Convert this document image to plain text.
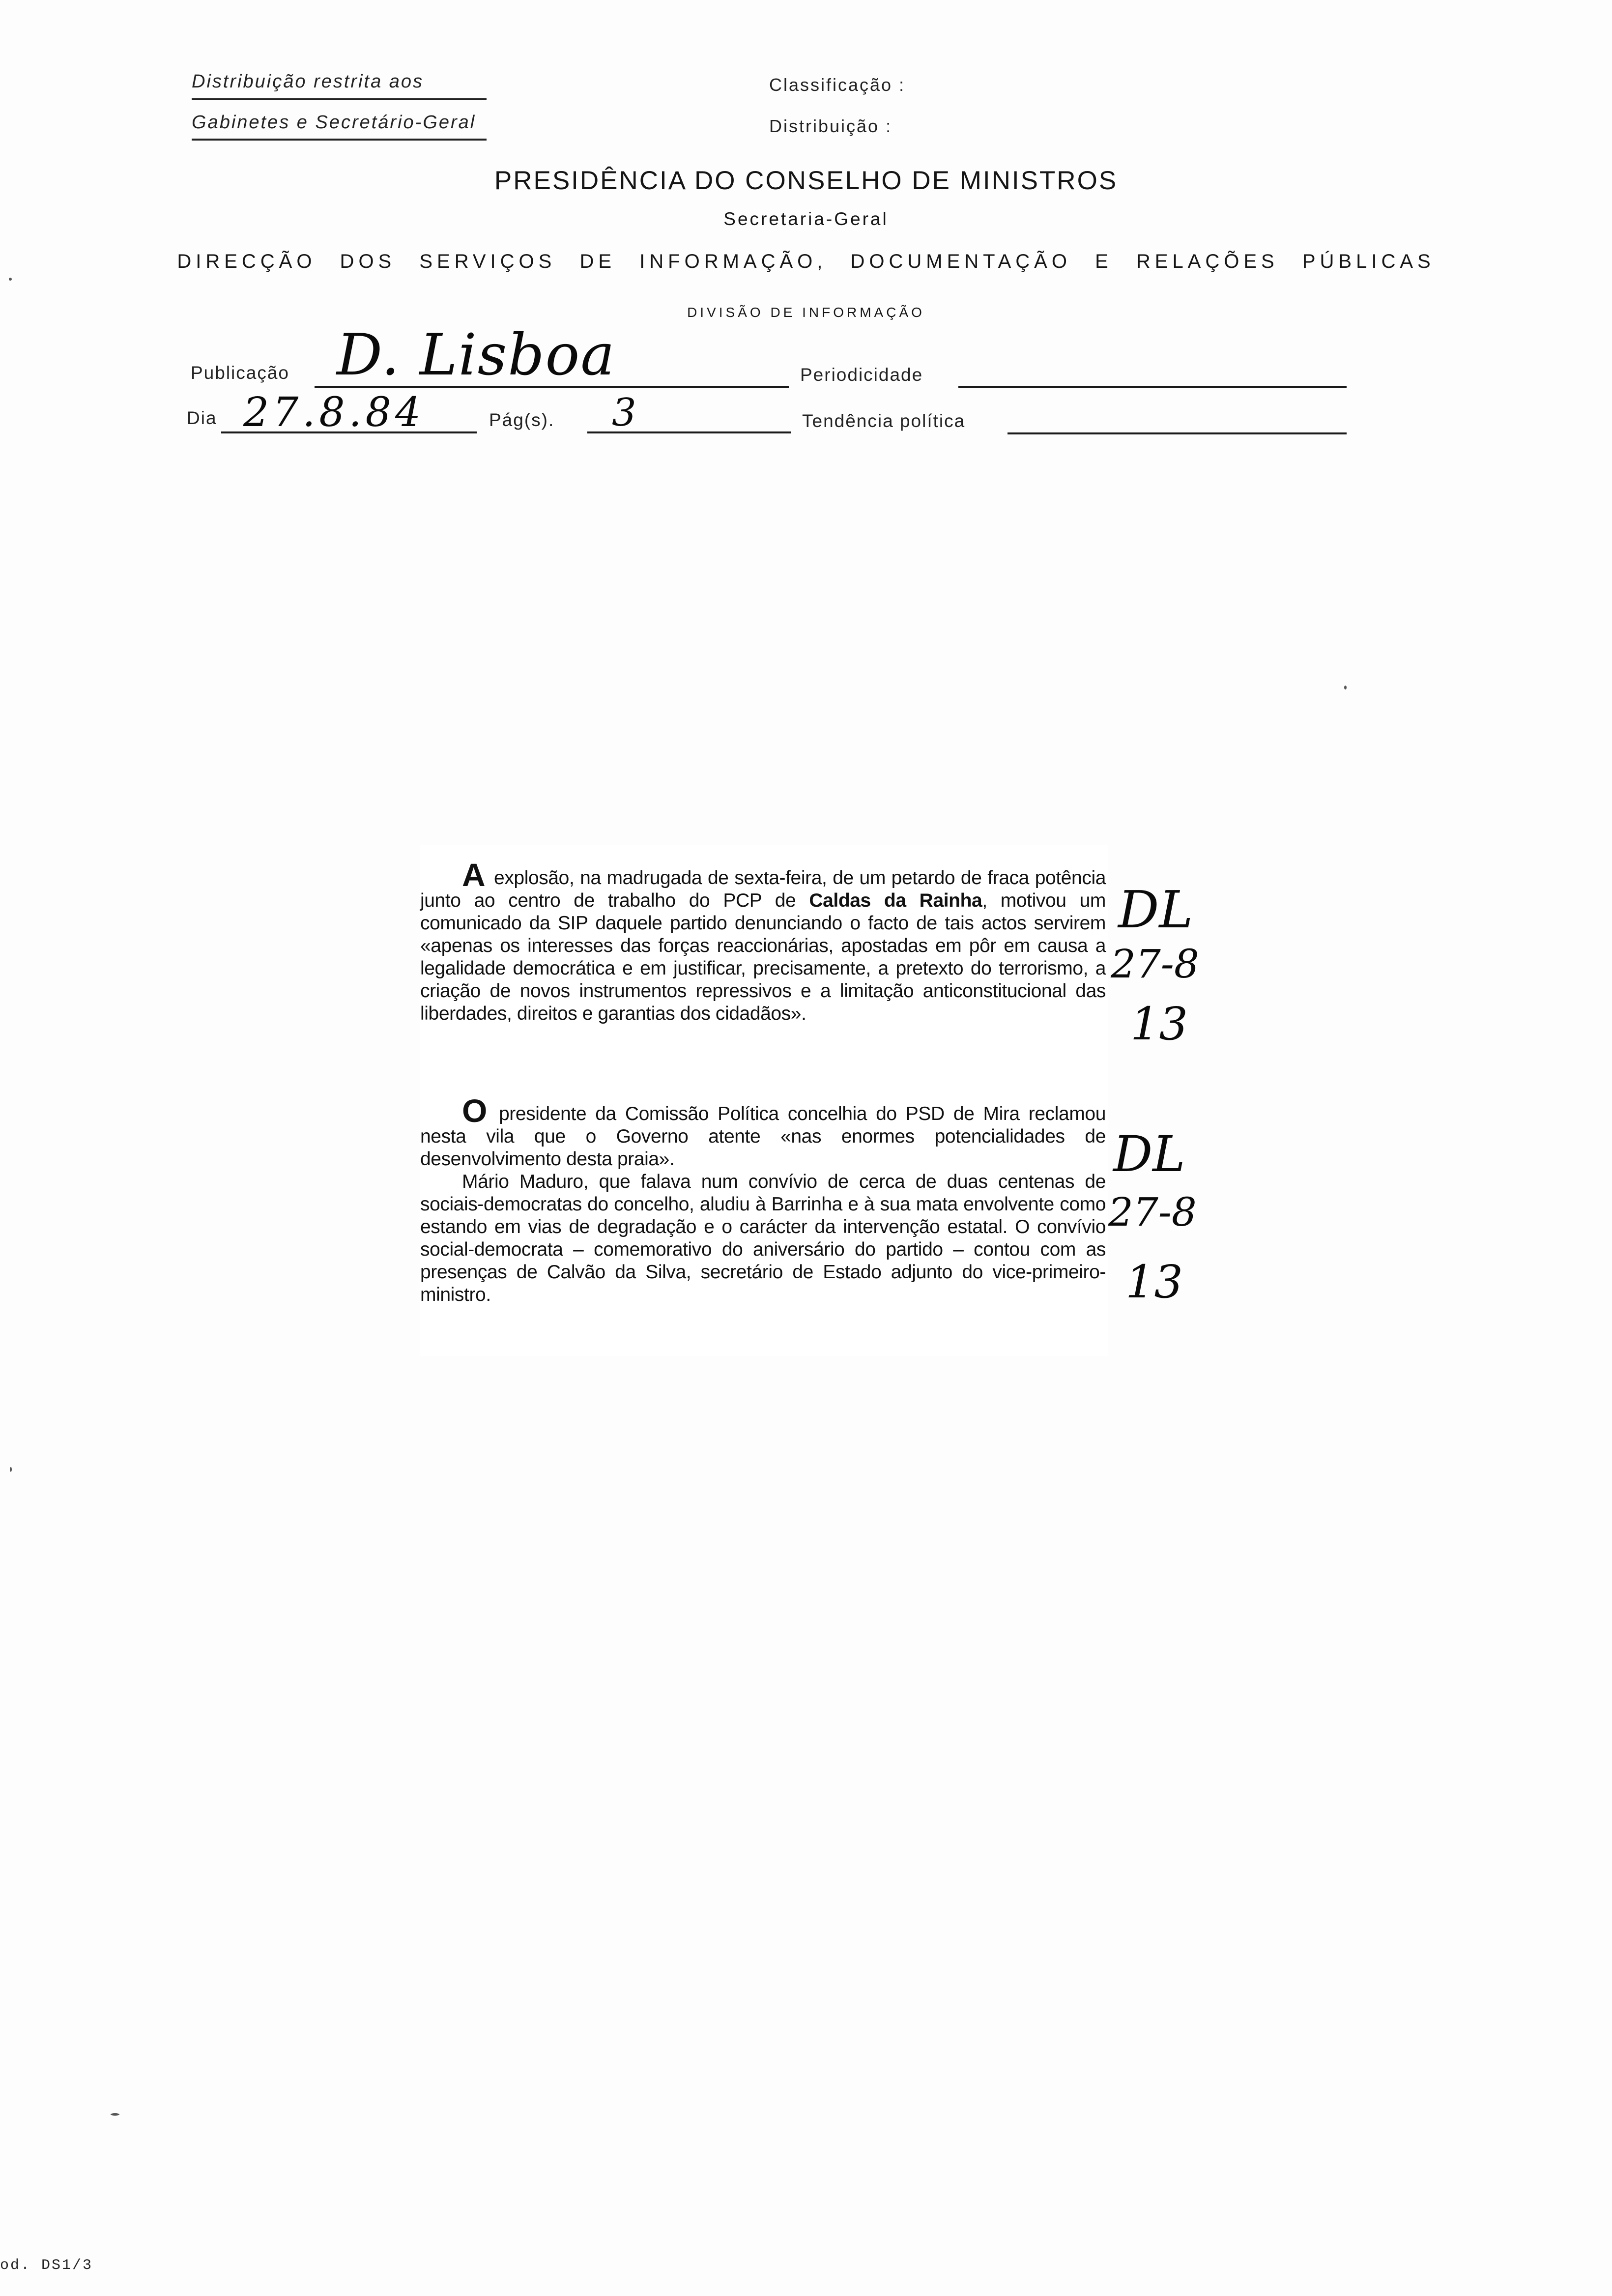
Distribuição restrita aos
Gabinetes e Secretário-Geral
Classificação :
Distribuição :
PRESIDÊNCIA DO CONSELHO DE MINISTROS
Secretaria-Geral
DIRECÇÃO DOS SERVIÇOS DE INFORMAÇÃO, DOCUMENTAÇÃO E RELAÇÕES PÚBLICAS
DIVISÃO DE INFORMAÇÃO
Publicação D. Lisboa	Periodicidade
Dia 27.8.84	Pág(s). 3	Tendência política

A explosão, na madrugada de sexta-feira, de um petardo de fraca potência junto ao centro de trabalho do PCP de Caldas da Rainha, motivou um comunicado da SIP daquele partido denunciando o facto de tais actos servirem «apenas os interesses das forças reaccionárias, apostadas em pôr em causa a legalidade democrática e em justificar, precisamente, a pretexto do terrorismo, a criação de novos instrumentos repressivos e a limitação anticonstitucional das liberdades, direitos e garantias dos cidadãos».

O presidente da Comissão Política concelhia do PSD de Mira reclamou nesta vila que o Governo atente «nas enormes potencialidades de desenvolvimento desta praia».

Mário Maduro, que falava num convívio de cerca de duas centenas de sociais-democratas do concelho, aludiu à Barrinha e à sua mata envolvente como estando em vias de degradação e o carácter da intervenção estatal. O convívio social-democrata – comemorativo do aniversário do partido – contou com as presenças de Calvão da Silva, secretário de Estado adjunto do vice-primeiro-ministro.

DL
27-8
13
DL
27-8
13
od. DS1/3
